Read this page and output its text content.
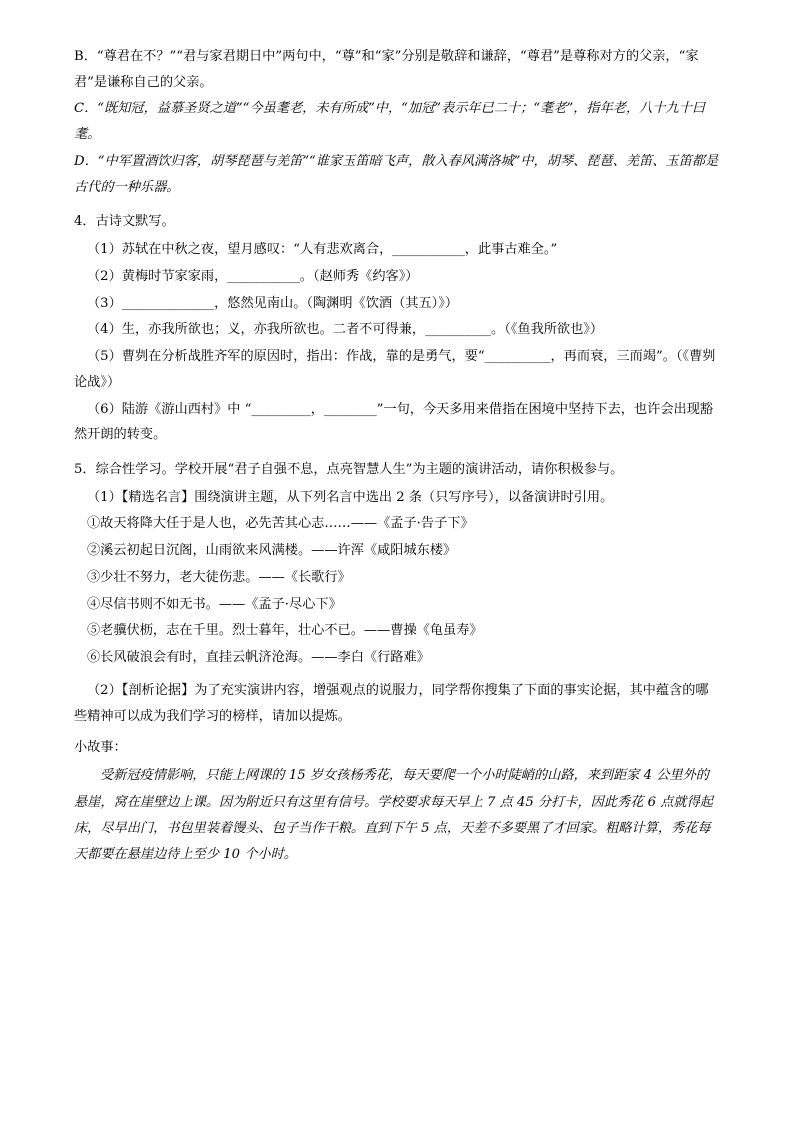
B．“尊君在不？”“君与家君期日中”两句中，“尊”和“家”分别是敬辞和谦辞，“尊君”是尊称对方的父亲，“家君”是谦称自己的父亲。

C．“既知冠，益慕圣贤之道”“今虽耄老，未有所成”中，“加冠”表示年已二十；“耄老”，指年老，八十九十曰耄。

D．“中军置酒饮归客，胡琴琵琶与羌笛”“谁家玉笛暗飞声，散入春风满洛城”中，胡琴、琵琶、羌笛、玉笛都是古代的一种乐器。

4．古诗文默写。

（1）苏轼在中秋之夜，望月感叹：“人有悲欢离合，___________，此事古难全。”

（2）黄梅时节家家雨，___________。（赵师秀《约客》）

（3）______________，悠然见南山。（陶渊明《饮酒（其五）》）

（4）生，亦我所欲也；义，亦我所欲也。二者不可得兼，__________。（《鱼我所欲也》）

（5）曹刿在分析战胜齐军的原因时，指出：作战，靠的是勇气，要“__________，再而衰，三而竭”。（《曹刿论战》）

（6）陆游《游山西村》中 “_________，________”一句，今天多用来借指在困境中坚持下去，也许会出现豁然开朗的转变。

5．综合性学习。学校开展“君子自强不息，点亮智慧人生”为主题的演讲活动，请你积极参与。

（1）【精选名言】围绕演讲主题，从下列名言中选出 2 条（只写序号），以备演讲时引用。

①故天将降大任于是人也，必先苦其心志……——《孟子·告子下》

②溪云初起日沉阁，山雨欲来风满楼。——许浑《咸阳城东楼》

③少壮不努力，老大徒伤悲。——《长歌行》

④尽信书则不如无书。——《孟子·尽心下》

⑤老骥伏枥，志在千里。烈士暮年，壮心不已。——曹操《龟虽寿》

⑥长风破浪会有时，直挂云帆济沧海。——李白《行路难》

（2）【剖析论据】为了充实演讲内容，增强观点的说服力，同学帮你搜集了下面的事实论据，其中蕴含的哪些精神可以成为我们学习的榜样，请加以提炼。

小故事：

受新冠疫情影响，只能上网课的 15 岁女孩杨秀花，每天要爬一个小时陡峭的山路，来到距家 4 公里外的悬崖，窝在崖壁边上课。因为附近只有这里有信号。学校要求每天早上 7 点 45 分打卡，因此秀花 6 点就得起床，尽早出门，书包里装着馒头、包子当作干粮。直到下午 5 点，天差不多要黑了才回家。粗略计算，秀花每天都要在悬崖边待上至少 10 个小时。
